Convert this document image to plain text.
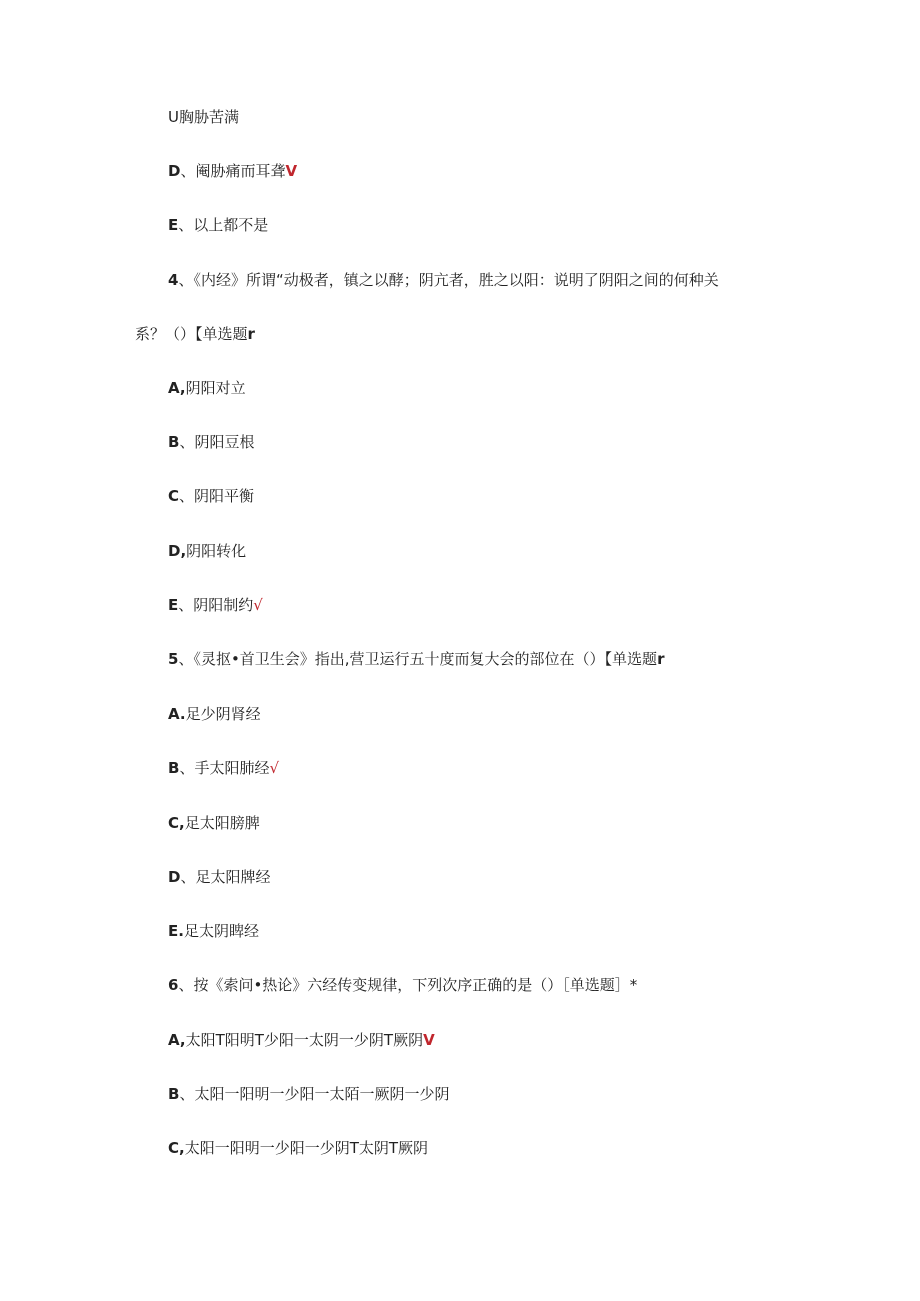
U胸胁苦满
D、阉胁痛而耳聋V
E、以上都不是
4、《内经》所谓“动极者，镇之以酵；阴亢者，胜之以阳：说明了阴阳之间的何种关
系？（）【单选题r
A,阴阳对立
B、阴阳豆根
C、阴阳平衡
D,阴阳转化
E、阴阳制约√
5、《灵抠•首卫生会》指出,营卫运行五十度而复大会的部位在（）【单选题r
A.足少阴肾经
B、手太阳肺经√
C,足太阳膀脾
D、足太阳牌经
E.足太阴睥经
6、按《索问•热论》六经传变规律，下列次序正确的是（）［单选题］*
A,太阳T阳明T少阳一太阴一少阴T厥阴V
B、太阳一阳明一少阳一太陌一厥阴一少阴
C,太阳一阳明一少阳一少阴T太阴T厥阴
